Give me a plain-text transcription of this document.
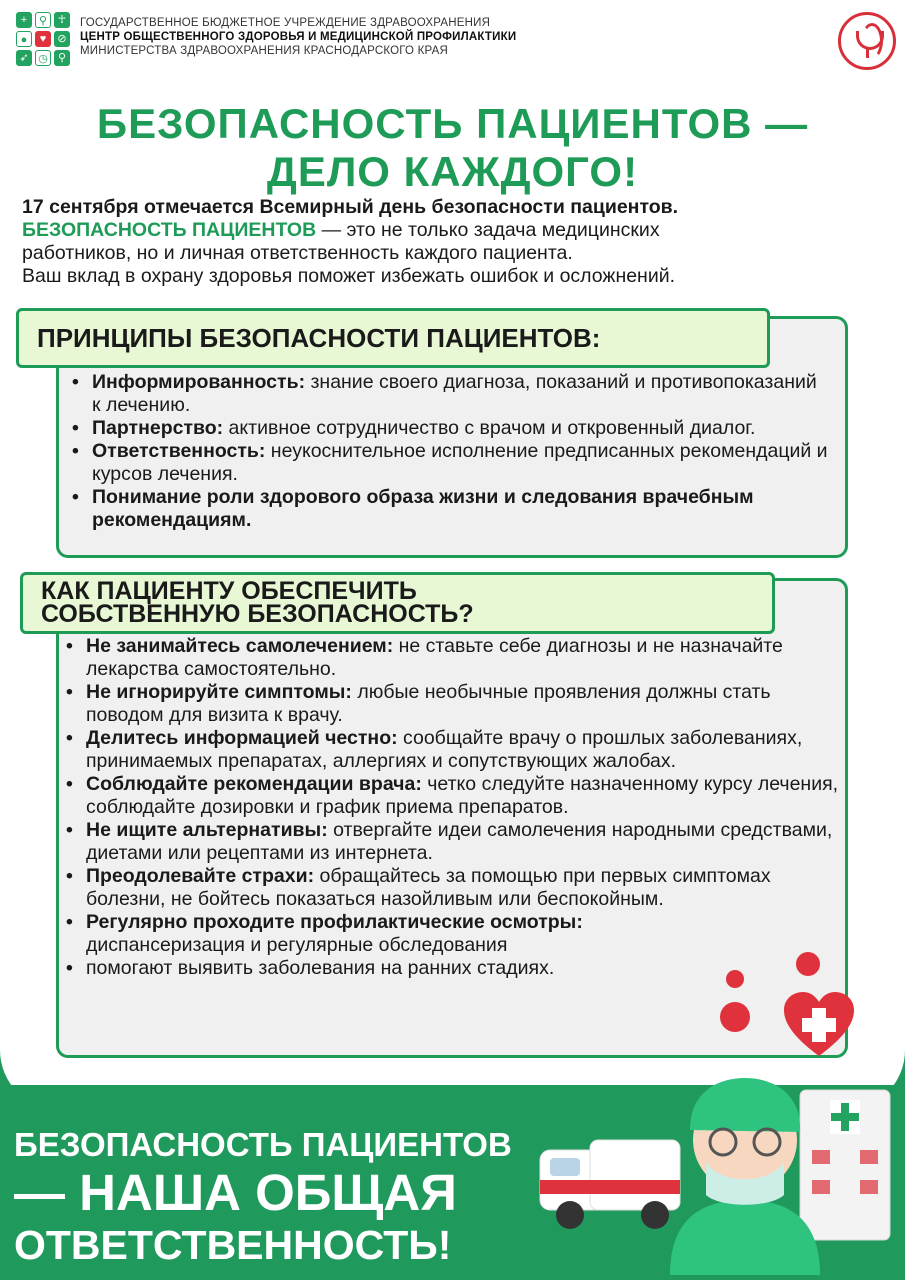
+	⚲ ☥
●	♥	⊘
➶ ◷ ⚲
ГОСУДАРСТВЕННОЕ БЮДЖЕТНОЕ УЧРЕЖДЕНИЕ ЗДРАВООХРАНЕНИЯ
ЦЕНТР ОБЩЕСТВЕННОГО ЗДОРОВЬЯ И МЕДИЦИНСКОЙ ПРОФИЛАКТИКИ
МИНИСТЕРСТВА ЗДРАВООХРАНЕНИЯ КРАСНОДАРСКОГО КРАЯ
БЕЗОПАСНОСТЬ ПАЦИЕНТОВ —
ДЕЛО КАЖДОГО!
17 сентября отмечается Всемирный день безопасности пациентов.
БЕЗОПАСНОСТЬ ПАЦИЕНТОВ — это не только задача медицинских
работников, но и личная ответственность каждого пациента.
Ваш вклад в охрану здоровья поможет избежать ошибок и осложнений.
ПРИНЦИПЫ БЕЗОПАСНОСТИ ПАЦИЕНТОВ:
• Информированность: знание своего диагноза, показаний и противопоказаний к лечению.
• Партнерство: активное сотрудничество с врачом и откровенный диалог.
• Ответственность: неукоснительное исполнение предписанных рекомендаций и курсов лечения.
• Понимание роли здорового образа жизни и следования врачебным рекомендациям.
КАК ПАЦИЕНТУ ОБЕСПЕЧИТЬ
СОБСТВЕННУЮ БЕЗОПАСНОСТЬ?
• Не занимайтесь самолечением: не ставьте себе диагнозы и не назначайте лекарства самостоятельно.
• Не игнорируйте симптомы: любые необычные проявления должны стать поводом для визита к врачу.
• Делитесь информацией честно: сообщайте врачу о прошлых заболеваниях, принимаемых препаратах, аллергиях и сопутствующих жалобах.
• Соблюдайте рекомендации врача: четко следуйте назначенному курсу лечения, соблюдайте дозировки и график приема препаратов.
• Не ищите альтернативы: отвергайте идеи самолечения народными средствами, диетами или рецептами из интернета.
• Преодолевайте страхи: обращайтесь за помощью при первых симптомах болезни, не бойтесь показаться назойливым или беспокойным.
• Регулярно проходите профилактические осмотры: диспансеризация и регулярные обследования
• помогают выявить заболевания на ранних стадиях.
БЕЗОПАСНОСТЬ ПАЦИЕНТОВ
— НАША ОБЩАЯ
ОТВЕТСТВЕННОСТЬ!
